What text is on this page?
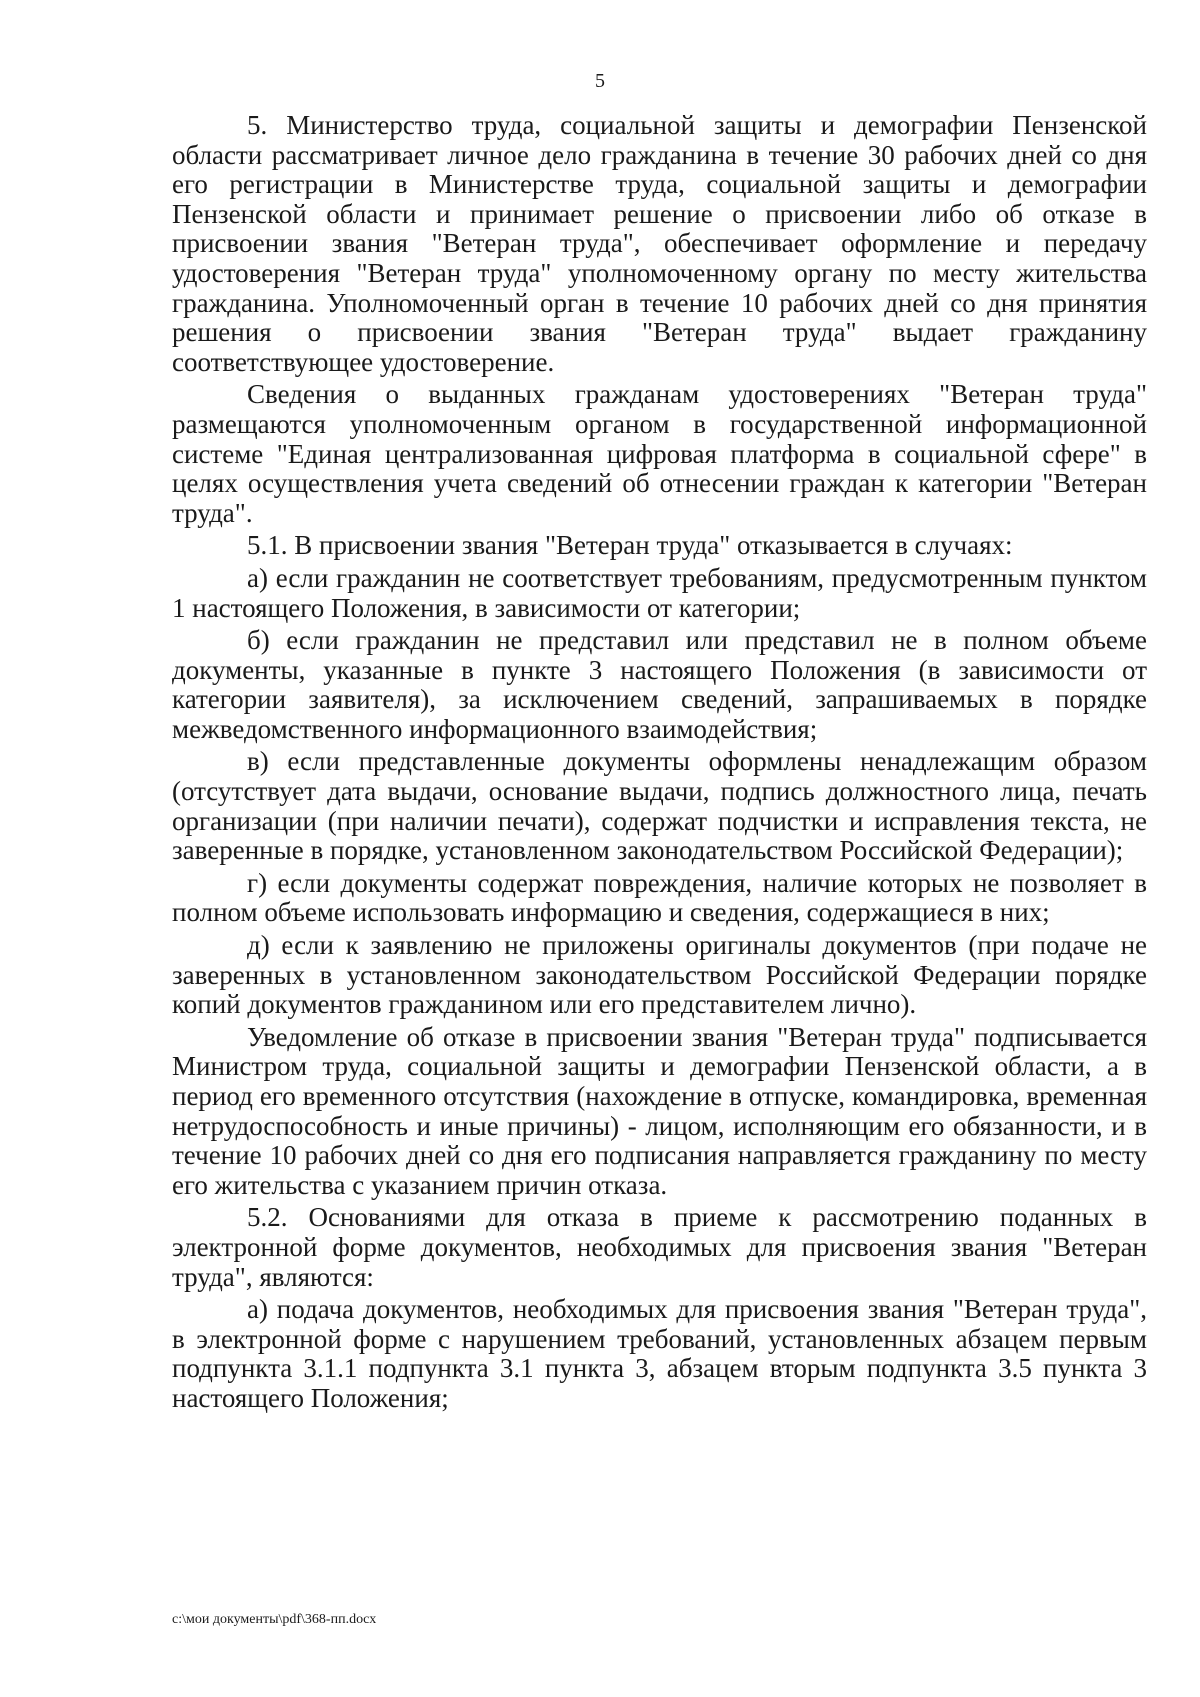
5

5. Министерство труда, социальной защиты и демографии Пензенской области рассматривает личное дело гражданина в течение 30 рабочих дней со дня его регистрации в Министерстве труда, социальной защиты и демографии Пензенской области и принимает решение о присвоении либо об отказе в присвоении звания "Ветеран труда", обеспечивает оформление и передачу удостоверения "Ветеран труда" уполномоченному органу по месту жительства гражданина. Уполномоченный орган в течение 10 рабочих дней со дня принятия решения о присвоении звания "Ветеран труда" выдает гражданину соответствующее удостоверение.

Сведения о выданных гражданам удостоверениях "Ветеран труда" размещаются уполномоченным органом в государственной информационной системе "Единая централизованная цифровая платформа в социальной сфере" в целях осуществления учета сведений об отнесении граждан к категории "Ветеран труда".

5.1. В присвоении звания "Ветеран труда" отказывается в случаях:

а) если гражданин не соответствует требованиям, предусмотренным пунктом 1 настоящего Положения, в зависимости от категории;

б) если гражданин не представил или представил не в полном объеме документы, указанные в пункте 3 настоящего Положения (в зависимости от категории заявителя), за исключением сведений, запрашиваемых в порядке межведомственного информационного взаимодействия;

в) если представленные документы оформлены ненадлежащим образом (отсутствует дата выдачи, основание выдачи, подпись должностного лица, печать организации (при наличии печати), содержат подчистки и исправления текста, не заверенные в порядке, установленном законодательством Российской Федерации);

г) если документы содержат повреждения, наличие которых не позволяет в полном объеме использовать информацию и сведения, содержащиеся в них;

д) если к заявлению не приложены оригиналы документов (при подаче не заверенных в установленном законодательством Российской Федерации порядке копий документов гражданином или его представителем лично).

Уведомление об отказе в присвоении звания "Ветеран труда" подписывается Министром труда, социальной защиты и демографии Пензенской области, а в период его временного отсутствия (нахождение в отпуске, командировка, временная нетрудоспособность и иные причины) - лицом, исполняющим его обязанности, и в течение 10 рабочих дней со дня его подписания направляется гражданину по месту его жительства с указанием причин отказа.

5.2. Основаниями для отказа в приеме к рассмотрению поданных в электронной форме документов, необходимых для присвоения звания "Ветеран труда", являются:

а) подача документов, необходимых для присвоения звания "Ветеран труда", в электронной форме с нарушением требований, установленных абзацем первым подпункта 3.1.1 подпункта 3.1 пункта 3, абзацем вторым подпункта 3.5 пункта 3 настоящего Положения;

c:\мои документы\pdf\368-пп.docx
